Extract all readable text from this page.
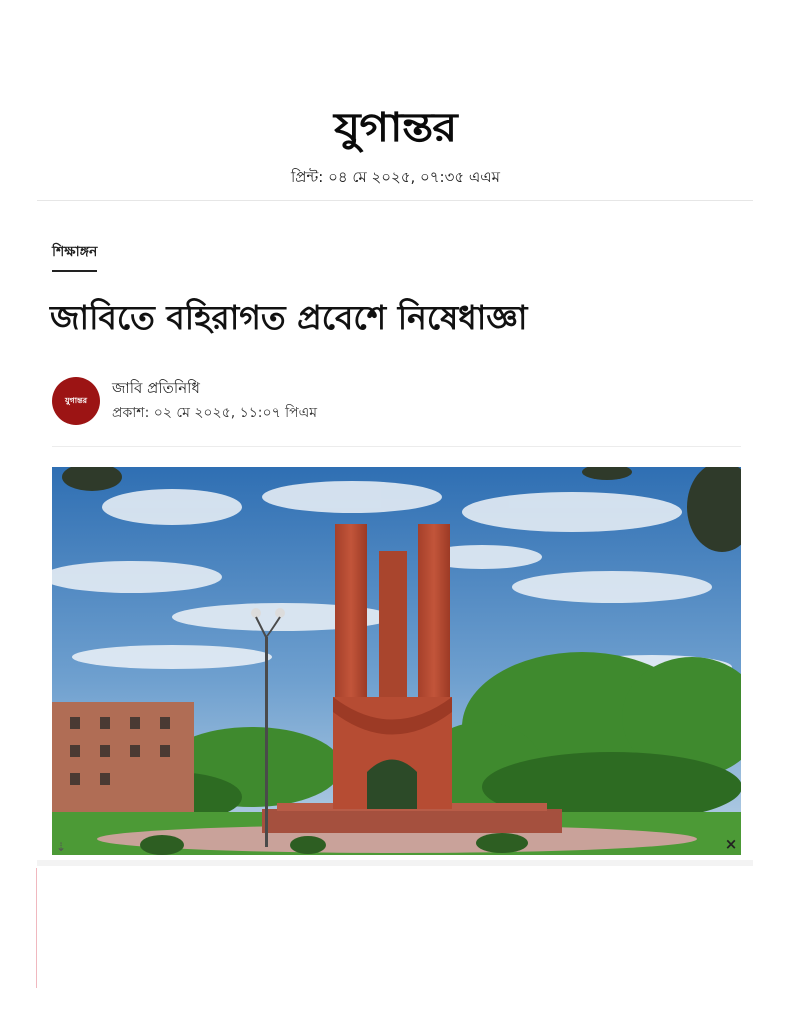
যুগান্তর
প্রিন্ট: ০৪ মে ২০২৫, ০৭:৩৫ এএম
শিক্ষাঙ্গন
জাবিতে বহিরাগত প্রবেশে নিষেধাজ্ঞা
যুগান্তর
জাবি প্রতিনিধি
প্রকাশ: ০২ মে ২০২৫, ১১:০৭ পিএম
×
⇣
